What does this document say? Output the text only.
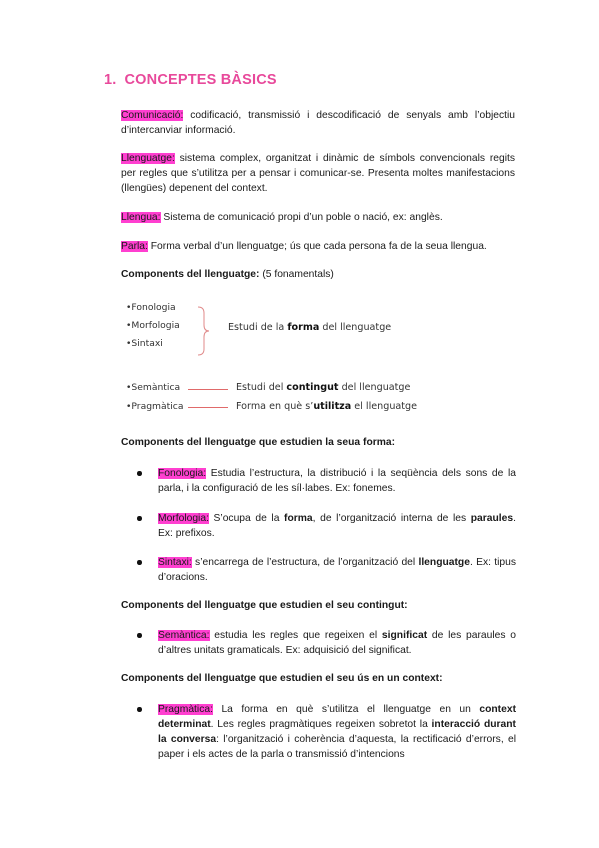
1. CONCEPTES BÀSICS
Comunicació: codificació, transmissió i descodificació de senyals amb l’objectiu d’intercanviar informació.
Llenguatge: sistema complex, organitzat i dinàmic de símbols convencionals regits per regles que s’utilitza per a pensar i comunicar-se. Presenta moltes manifestacions (llengües) depenent del context.
Llengua: Sistema de comunicació propi d’un poble o nació, ex: anglès.
Parla: Forma verbal d’un llenguatge; ús que cada persona fa de la seua llengua.
Components del llenguatge: (5 fonamentals)
•Fonologia
•Morfologia
•Sintaxi
Estudi de la forma del llenguatge
•Semàntica	Estudi del contingut del llenguatge
•Pragmàtica	Forma en què s’utilitza el llenguatge
Components del llenguatge que estudien la seua forma:
Fonologia: Estudia l’estructura, la distribució i la seqüència dels sons de la parla, i la configuració de les síl·labes. Ex: fonemes.
Morfologia: S’ocupa de la forma, de l’organització interna de les paraules. Ex: prefixos.
Sintaxi: s’encarrega de l’estructura, de l’organització del llenguatge. Ex: tipus d’oracions.
Components del llenguatge que estudien el seu contingut:
Semàntica: estudia les regles que regeixen el significat de les paraules o d’altres unitats gramaticals. Ex: adquisició del significat.
Components del llenguatge que estudien el seu ús en un context:
Pragmàtica: La forma en què s’utilitza el llenguatge en un context determinat. Les regles pragmàtiques regeixen sobretot la interacció durant la conversa: l’organització i coherència d’aquesta, la rectificació d’errors, el paper i els actes de la parla o transmissió d’intencions
